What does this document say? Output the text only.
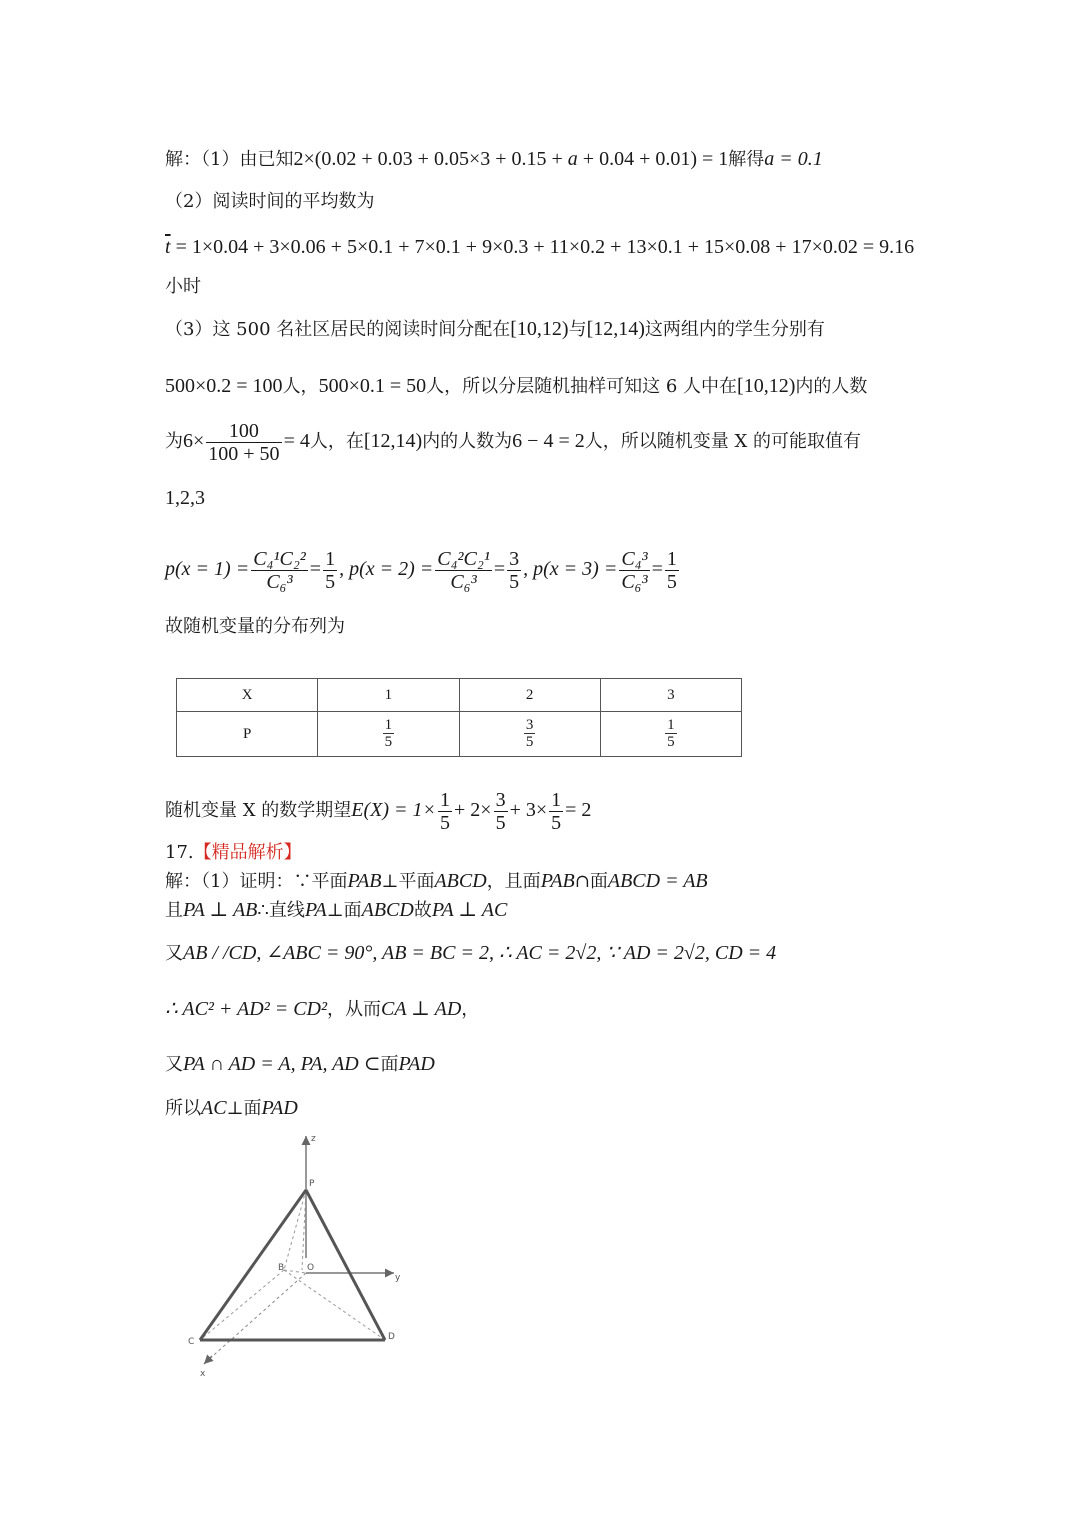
解：（1）由已知2×(0.02 + 0.03 + 0.05×3 + 0.15 + a + 0.04 + 0.01) = 1解得a = 0.1
（2）阅读时间的平均数为
$\overline{t} = 1\times 0.04 + 3\times 0.06 + 5\times 0.1 + 7\times 0.1 + 9\times 0.3 + 11\times 0.2 + 13\times 0.1 + 15\times 0.08 + 17\times 0.02 = 9.16$
小时
（3）这 500 名社区居民的阅读时间分配在[10,12)与[12,14)这两组内的学生分别有
500×0.2 = 100人，500×0.1 = 50人，所以分层随机抽样可知这 6 人中在[10,12)内的人数
为$6\times \frac{100}{100 + 50} = 4$人，在[12,14)内的人数为6 − 4 = 2人，所以随机变量 X 的可能取值有
1,2,3
$p(x = 1) = \frac{\text{C₄¹C₂²}}{\text{C₆³}} = \frac{1}{5}$ , $p(x = 2) = \frac{\text{C₄²C₂¹}}{\text{C₆³}} = \frac{3}{5}$ , $p(x = 3) = \frac{\text{C₄³}}{\text{C₆³}} = \frac{1}{5}$
故随机变量的分布列为
X	1	2	3
P	$\frac{1}{5}$	$\frac{3}{5}$	$\frac{1}{5}$
随机变量 X 的数学期望$E(X) = 1\times \frac{1}{5} + 2\times \frac{3}{5} + 3\times \frac{1}{5} = 2$
17.【精品解析】
解：（1）证明：∵平面PAB⊥平面ABCD，且面PAB∩面ABCD = AB
且PA ⊥ AB∴直线PA⊥面ABCD故PA ⊥ AC
又AB / /CD, ∠ABC = 90°, AB = BC = 2, ∴ AC = 2√2, ∵ AD = 2√2, CD = 4
∴ AC² + AD² = CD²，从而CA ⊥ AD，
又PA ∩ AD = A, PA, AD ⊂面PAD
所以AC⊥面PAD
z
P
B	O
y
C	D
x
